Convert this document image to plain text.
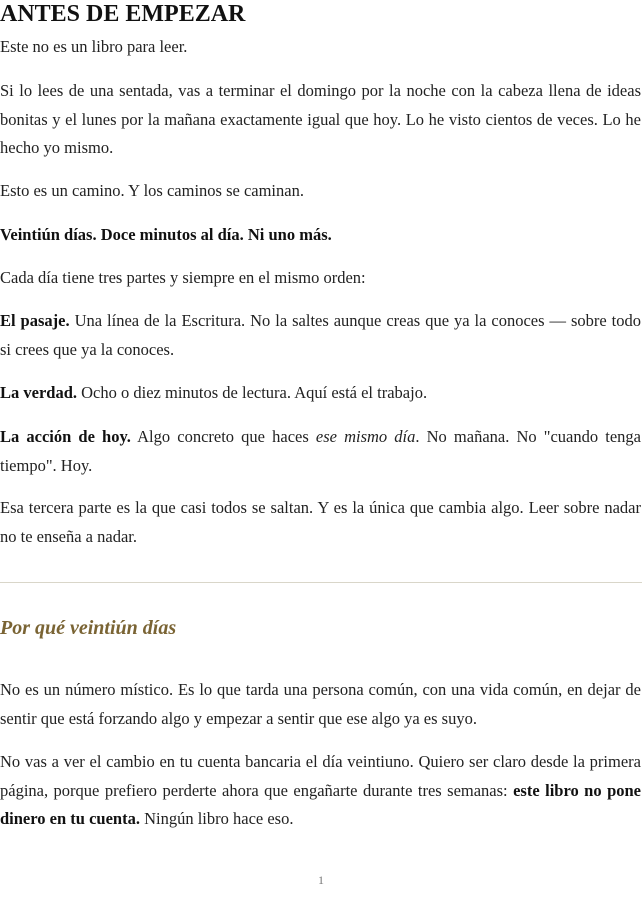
ANTES DE EMPEZAR

Este no es un libro para leer.

Si lo lees de una sentada, vas a terminar el domingo por la noche con la cabeza llena de ideas bonitas y el lunes por la mañana exactamente igual que hoy. Lo he visto cientos de veces. Lo he hecho yo mismo.

Esto es un camino. Y los caminos se caminan.

Veintiún días. Doce minutos al día. Ni uno más.

Cada día tiene tres partes y siempre en el mismo orden:

El pasaje. Una línea de la Escritura. No la saltes aunque creas que ya la conoces — sobre todo si crees que ya la conoces.

La verdad. Ocho o diez minutos de lectura. Aquí está el trabajo.

La acción de hoy. Algo concreto que haces ese mismo día. No mañana. No "cuando tenga tiempo". Hoy.

Esa tercera parte es la que casi todos se saltan. Y es la única que cambia algo. Leer sobre nadar no te enseña a nadar.

Por qué veintiún días

No es un número místico. Es lo que tarda una persona común, con una vida común, en dejar de sentir que está forzando algo y empezar a sentir que ese algo ya es suyo.

No vas a ver el cambio en tu cuenta bancaria el día veintiuno. Quiero ser claro desde la primera página, porque prefiero perderte ahora que engañarte durante tres semanas: este libro no pone dinero en tu cuenta. Ningún libro hace eso.

1
